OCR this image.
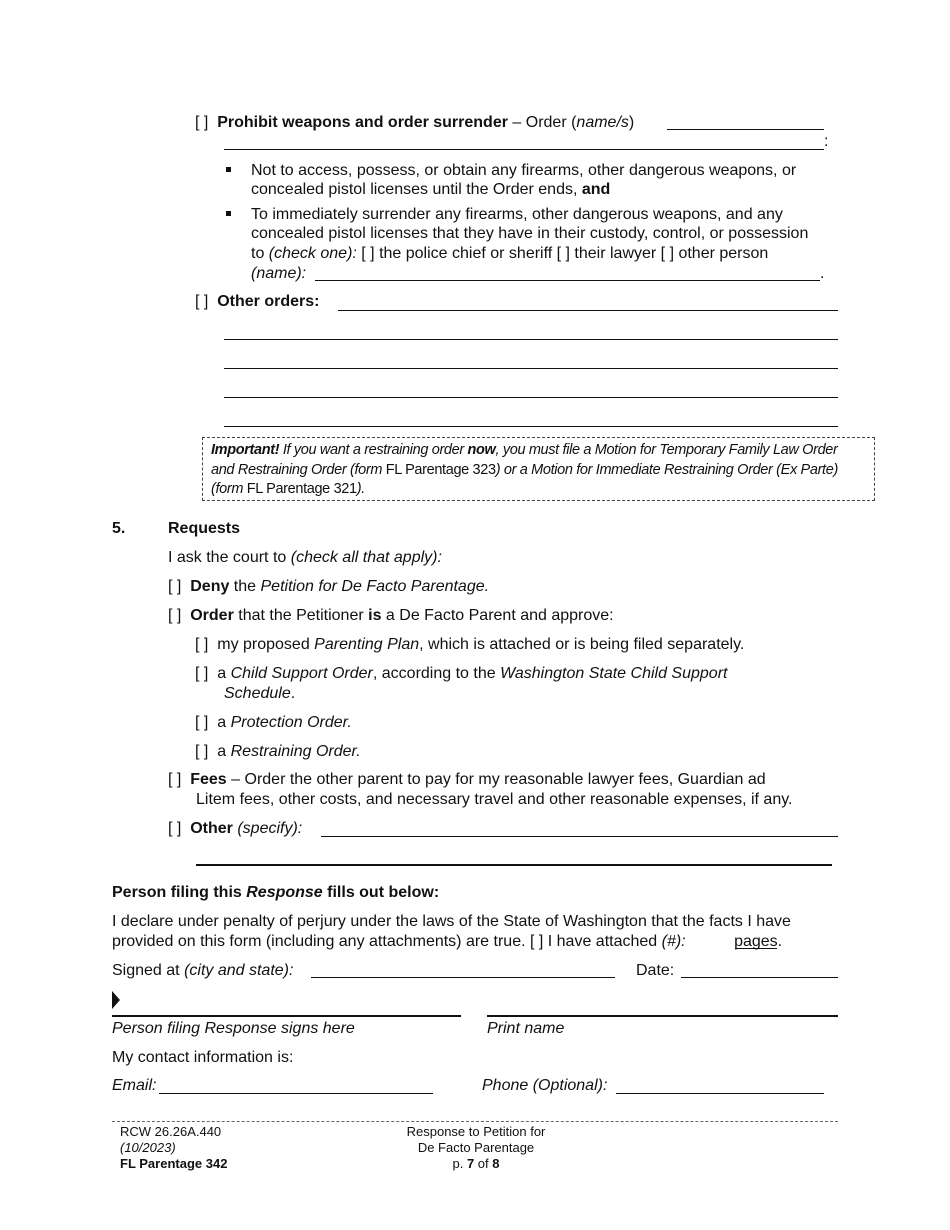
[ ] Prohibit weapons and order surrender – Order (name/s)
:
Not to access, possess, or obtain any firearms, other dangerous weapons, or
concealed pistol licenses until the Order ends, and
To immediately surrender any firearms, other dangerous weapons, and any
concealed pistol licenses that they have in their custody, control, or possession
to (check one): [ ] the police chief or sheriff [ ] their lawyer [ ] other person
(name):	.
[ ] Other orders:
Important! If you want a restraining order now, you must file a Motion for Temporary Family Law Order
and Restraining Order (form FL Parentage 323) or a Motion for Immediate Restraining Order (Ex Parte)
(form FL Parentage 321).
5.	Requests
I ask the court to (check all that apply):
[ ] Deny the Petition for De Facto Parentage.
[ ] Order that the Petitioner is a De Facto Parent and approve:
[ ] my proposed Parenting Plan, which is attached or is being filed separately.
[ ] a Child Support Order, according to the Washington State Child Support
Schedule.
[ ] a Protection Order.
[ ] a Restraining Order.
[ ] Fees – Order the other parent to pay for my reasonable lawyer fees, Guardian ad
Litem fees, other costs, and necessary travel and other reasonable expenses, if any.
[ ] Other (specify):
Person filing this Response fills out below:
I declare under penalty of perjury under the laws of the State of Washington that the facts I have
provided on this form (including any attachments) are true. [ ] I have attached (#):	pages.
Signed at (city and state):	Date:
Person filing Response signs here	Print name
My contact information is:
Email:	Phone (Optional):
RCW 26.26A.440
(10/2023)
FL Parentage 342
Response to Petition for
De Facto Parentage
p. 7 of 8
